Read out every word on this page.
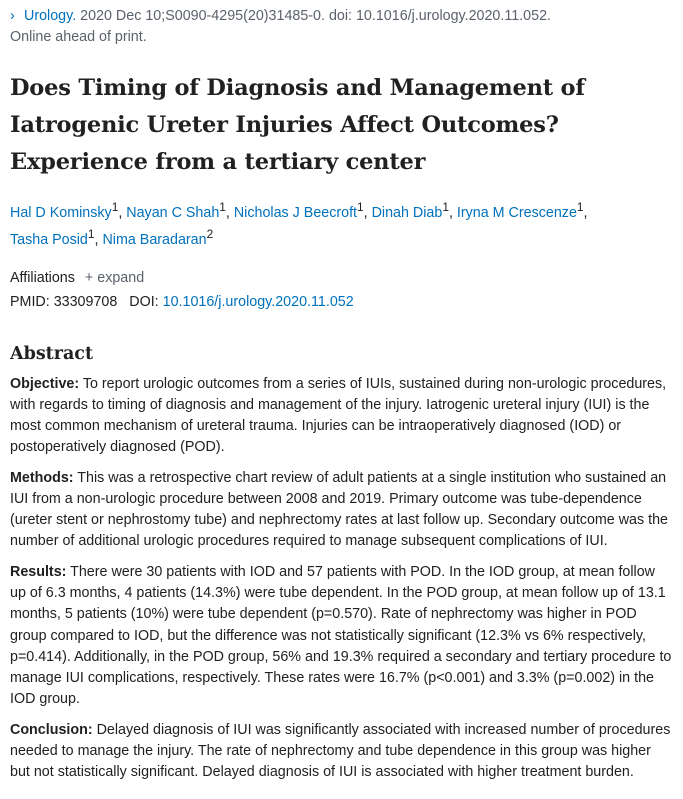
› Urology. 2020 Dec 10;S0090-4295(20)31485-0. doi: 10.1016/j.urology.2020.11.052.
Online ahead of print.
Does Timing of Diagnosis and Management of Iatrogenic Ureter Injuries Affect Outcomes? Experience from a tertiary center
Hal D Kominsky$^1$, Nayan C Shah$^1$, Nicholas J Beecroft$^1$, Dinah Diab$^1$, Iryna M Crescenze$^1$,
Tasha Posid$^1$, Nima Baradaran$^2$
Affiliations + expand
PMID: 33309708 DOI: 10.1016/j.urology.2020.11.052
Abstract

Objective: To report urologic outcomes from a series of IUIs, sustained during non-urologic procedures, with regards to timing of diagnosis and management of the injury. Iatrogenic ureteral injury (IUI) is the most common mechanism of ureteral trauma. Injuries can be intraoperatively diagnosed (IOD) or postoperatively diagnosed (POD).

Methods: This was a retrospective chart review of adult patients at a single institution who sustained an IUI from a non-urologic procedure between 2008 and 2019. Primary outcome was tube-dependence (ureter stent or nephrostomy tube) and nephrectomy rates at last follow up. Secondary outcome was the number of additional urologic procedures required to manage subsequent complications of IUI.

Results: There were 30 patients with IOD and 57 patients with POD. In the IOD group, at mean follow up of 6.3 months, 4 patients (14.3%) were tube dependent. In the POD group, at mean follow up of 13.1 months, 5 patients (10%) were tube dependent (p=0.570). Rate of nephrectomy was higher in POD group compared to IOD, but the difference was not statistically significant (12.3% vs 6% respectively, p=0.414). Additionally, in the POD group, 56% and 19.3% required a secondary and tertiary procedure to manage IUI complications, respectively. These rates were 16.7% (p<0.001) and 3.3% (p=0.002) in the IOD group.

Conclusion: Delayed diagnosis of IUI was significantly associated with increased number of procedures needed to manage the injury. The rate of nephrectomy and tube dependence in this group was higher but not statistically significant. Delayed diagnosis of IUI is associated with higher treatment burden.
